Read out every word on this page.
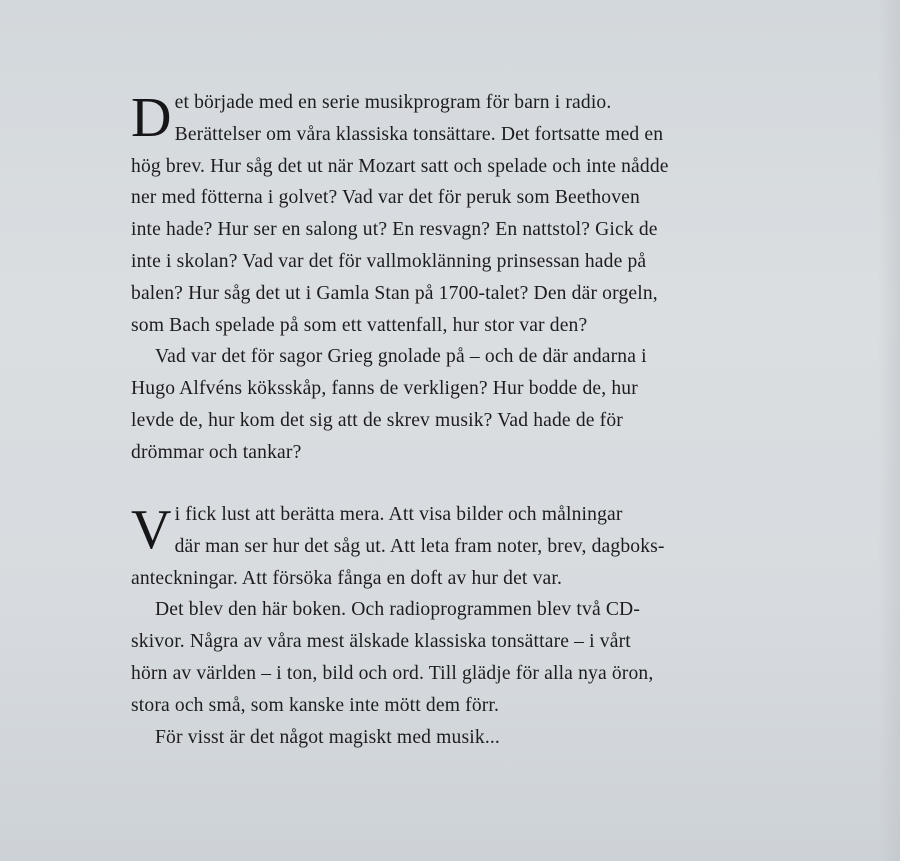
D et började med en serie musikprogram för barn i radio.
Berättelser om våra klassiska tonsättare. Det fortsatte med en
hög brev. Hur såg det ut när Mozart satt och spelade och inte nådde
ner med fötterna i golvet? Vad var det för peruk som Beethoven
inte hade? Hur ser en salong ut? En resvagn? En nattstol? Gick de
inte i skolan? Vad var det för vallmoklänning prinsessan hade på
balen? Hur såg det ut i Gamla Stan på 1700-talet? Den där orgeln,
som Bach spelade på som ett vattenfall, hur stor var den?
Vad var det för sagor Grieg gnolade på – och de där andarna i
Hugo Alfvéns köksskåp, fanns de verkligen? Hur bodde de, hur
levde de, hur kom det sig att de skrev musik? Vad hade de för
drömmar och tankar?
V i fick lust att berätta mera. Att visa bilder och målningar
där man ser hur det såg ut. Att leta fram noter, brev, dagboks-
anteckningar. Att försöka fånga en doft av hur det var.
Det blev den här boken. Och radioprogrammen blev två CD-
skivor. Några av våra mest älskade klassiska tonsättare – i vårt
hörn av världen – i ton, bild och ord. Till glädje för alla nya öron,
stora och små, som kanske inte mött dem förr.
För visst är det något magiskt med musik...
